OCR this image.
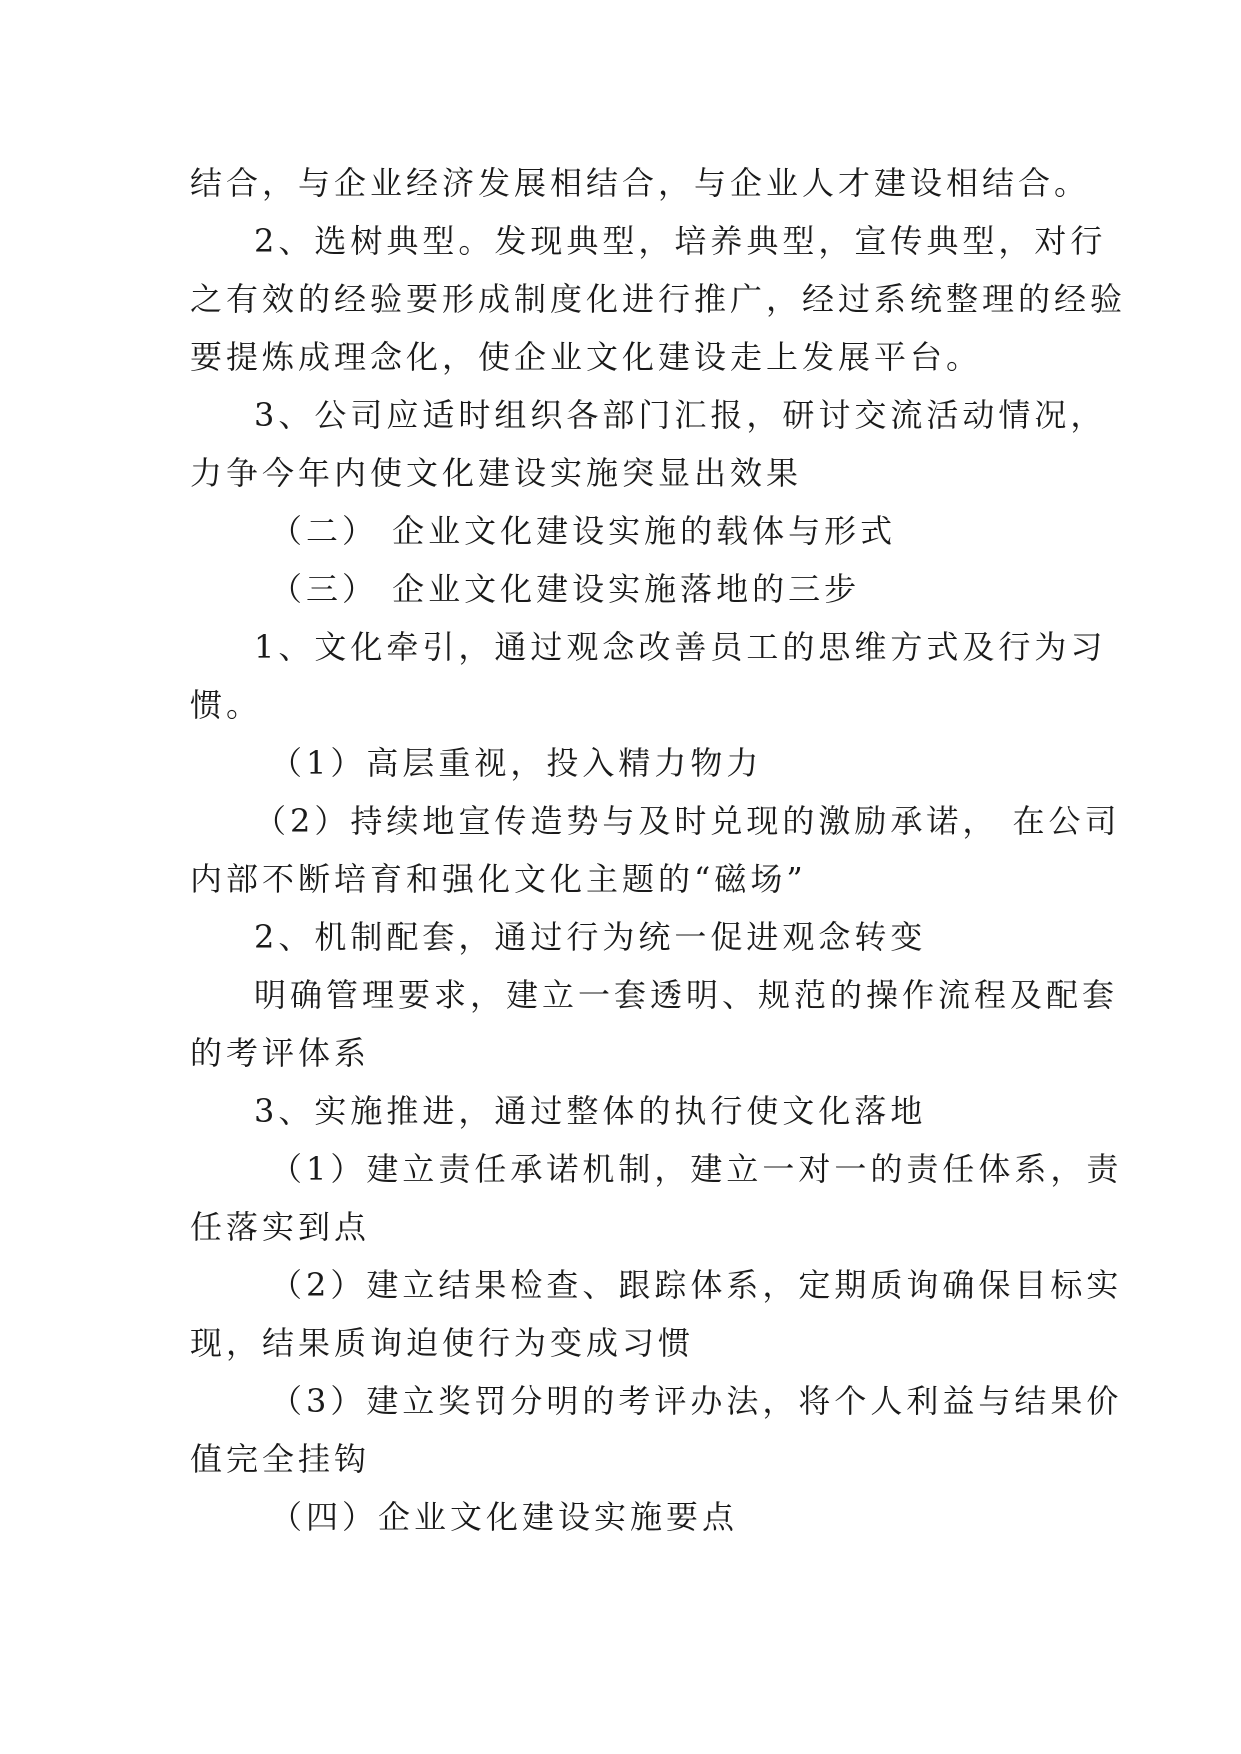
结合，与企业经济发展相结合，与企业人才建设相结合。
2、选树典型。发现典型，培养典型，宣传典型，对行
之有效的经验要形成制度化进行推广，经过系统整理的经验
要提炼成理念化，使企业文化建设走上发展平台。
3、公司应适时组织各部门汇报，研讨交流活动情况，
力争今年内使文化建设实施突显出效果
（二） 企业文化建设实施的载体与形式
（三） 企业文化建设实施落地的三步
1、文化牵引，通过观念改善员工的思维方式及行为习
惯。
（1）高层重视，投入精力物力
（2）持续地宣传造势与及时兑现的激励承诺， 在公司
内部不断培育和强化文化主题的“磁场”
2、机制配套，通过行为统一促进观念转变
明确管理要求，建立一套透明、规范的操作流程及配套
的考评体系
3、实施推进，通过整体的执行使文化落地
（1）建立责任承诺机制，建立一对一的责任体系，责
任落实到点
（2）建立结果检查、跟踪体系，定期质询确保目标实
现，结果质询迫使行为变成习惯
（3）建立奖罚分明的考评办法，将个人利益与结果价
值完全挂钩
（四）企业文化建设实施要点
